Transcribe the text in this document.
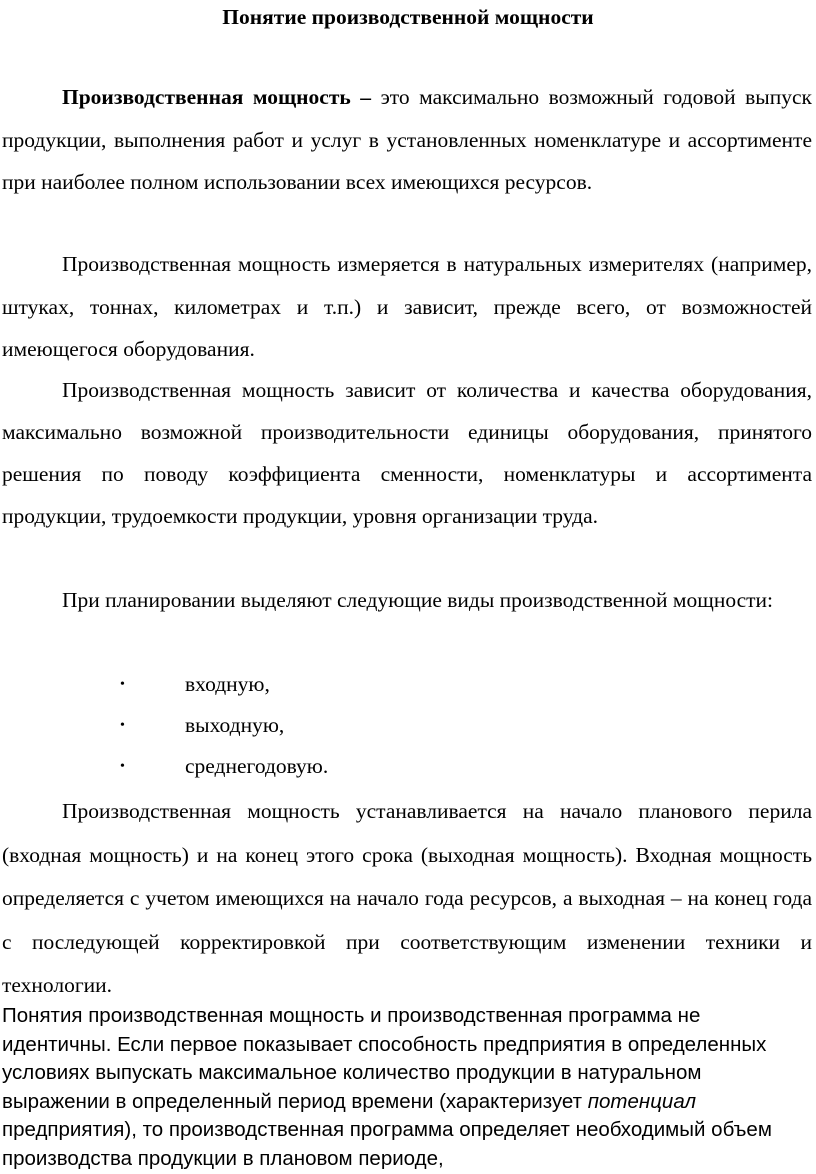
Понятие производственной мощности

Производственная мощность – это максимально возможный годовой выпуск продукции, выполнения работ и услуг в установленных номенклатуре и ассортименте при наиболее полном использовании всех имеющихся ресурсов.

Производственная мощность измеряется в натуральных измерителях (например, штуках, тоннах, километрах и т.п.) и зависит, прежде всего, от возможностей имеющегося оборудования.

Производственная мощность зависит от количества и качества оборудования, максимально возможной производительности единицы оборудования, принятого решения по поводу коэффициента сменности, номенклатуры и ассортимента продукции, трудоемкости продукции, уровня организации труда.

При планировании выделяют следующие виды производственной мощности:

•	входную,
•	выходную,
•	среднегодовую.

Производственная мощность устанавливается на начало планового перила (входная мощность) и на конец этого срока (выходная мощность). Входная мощность определяется с учетом имеющихся на начало года ресурсов, а выходная – на конец года с последующей корректировкой при соответствующим изменении техники и технологии.

Понятия производственная мощность и производственная программа не идентичны. Если первое показывает способность предприятия в определенных условиях выпускать максимальное количество продукции в натуральном выражении в определенный период времени (характеризует потенциал предприятия), то производственная программа определяет необходимый объем производства продукции в плановом периоде,
